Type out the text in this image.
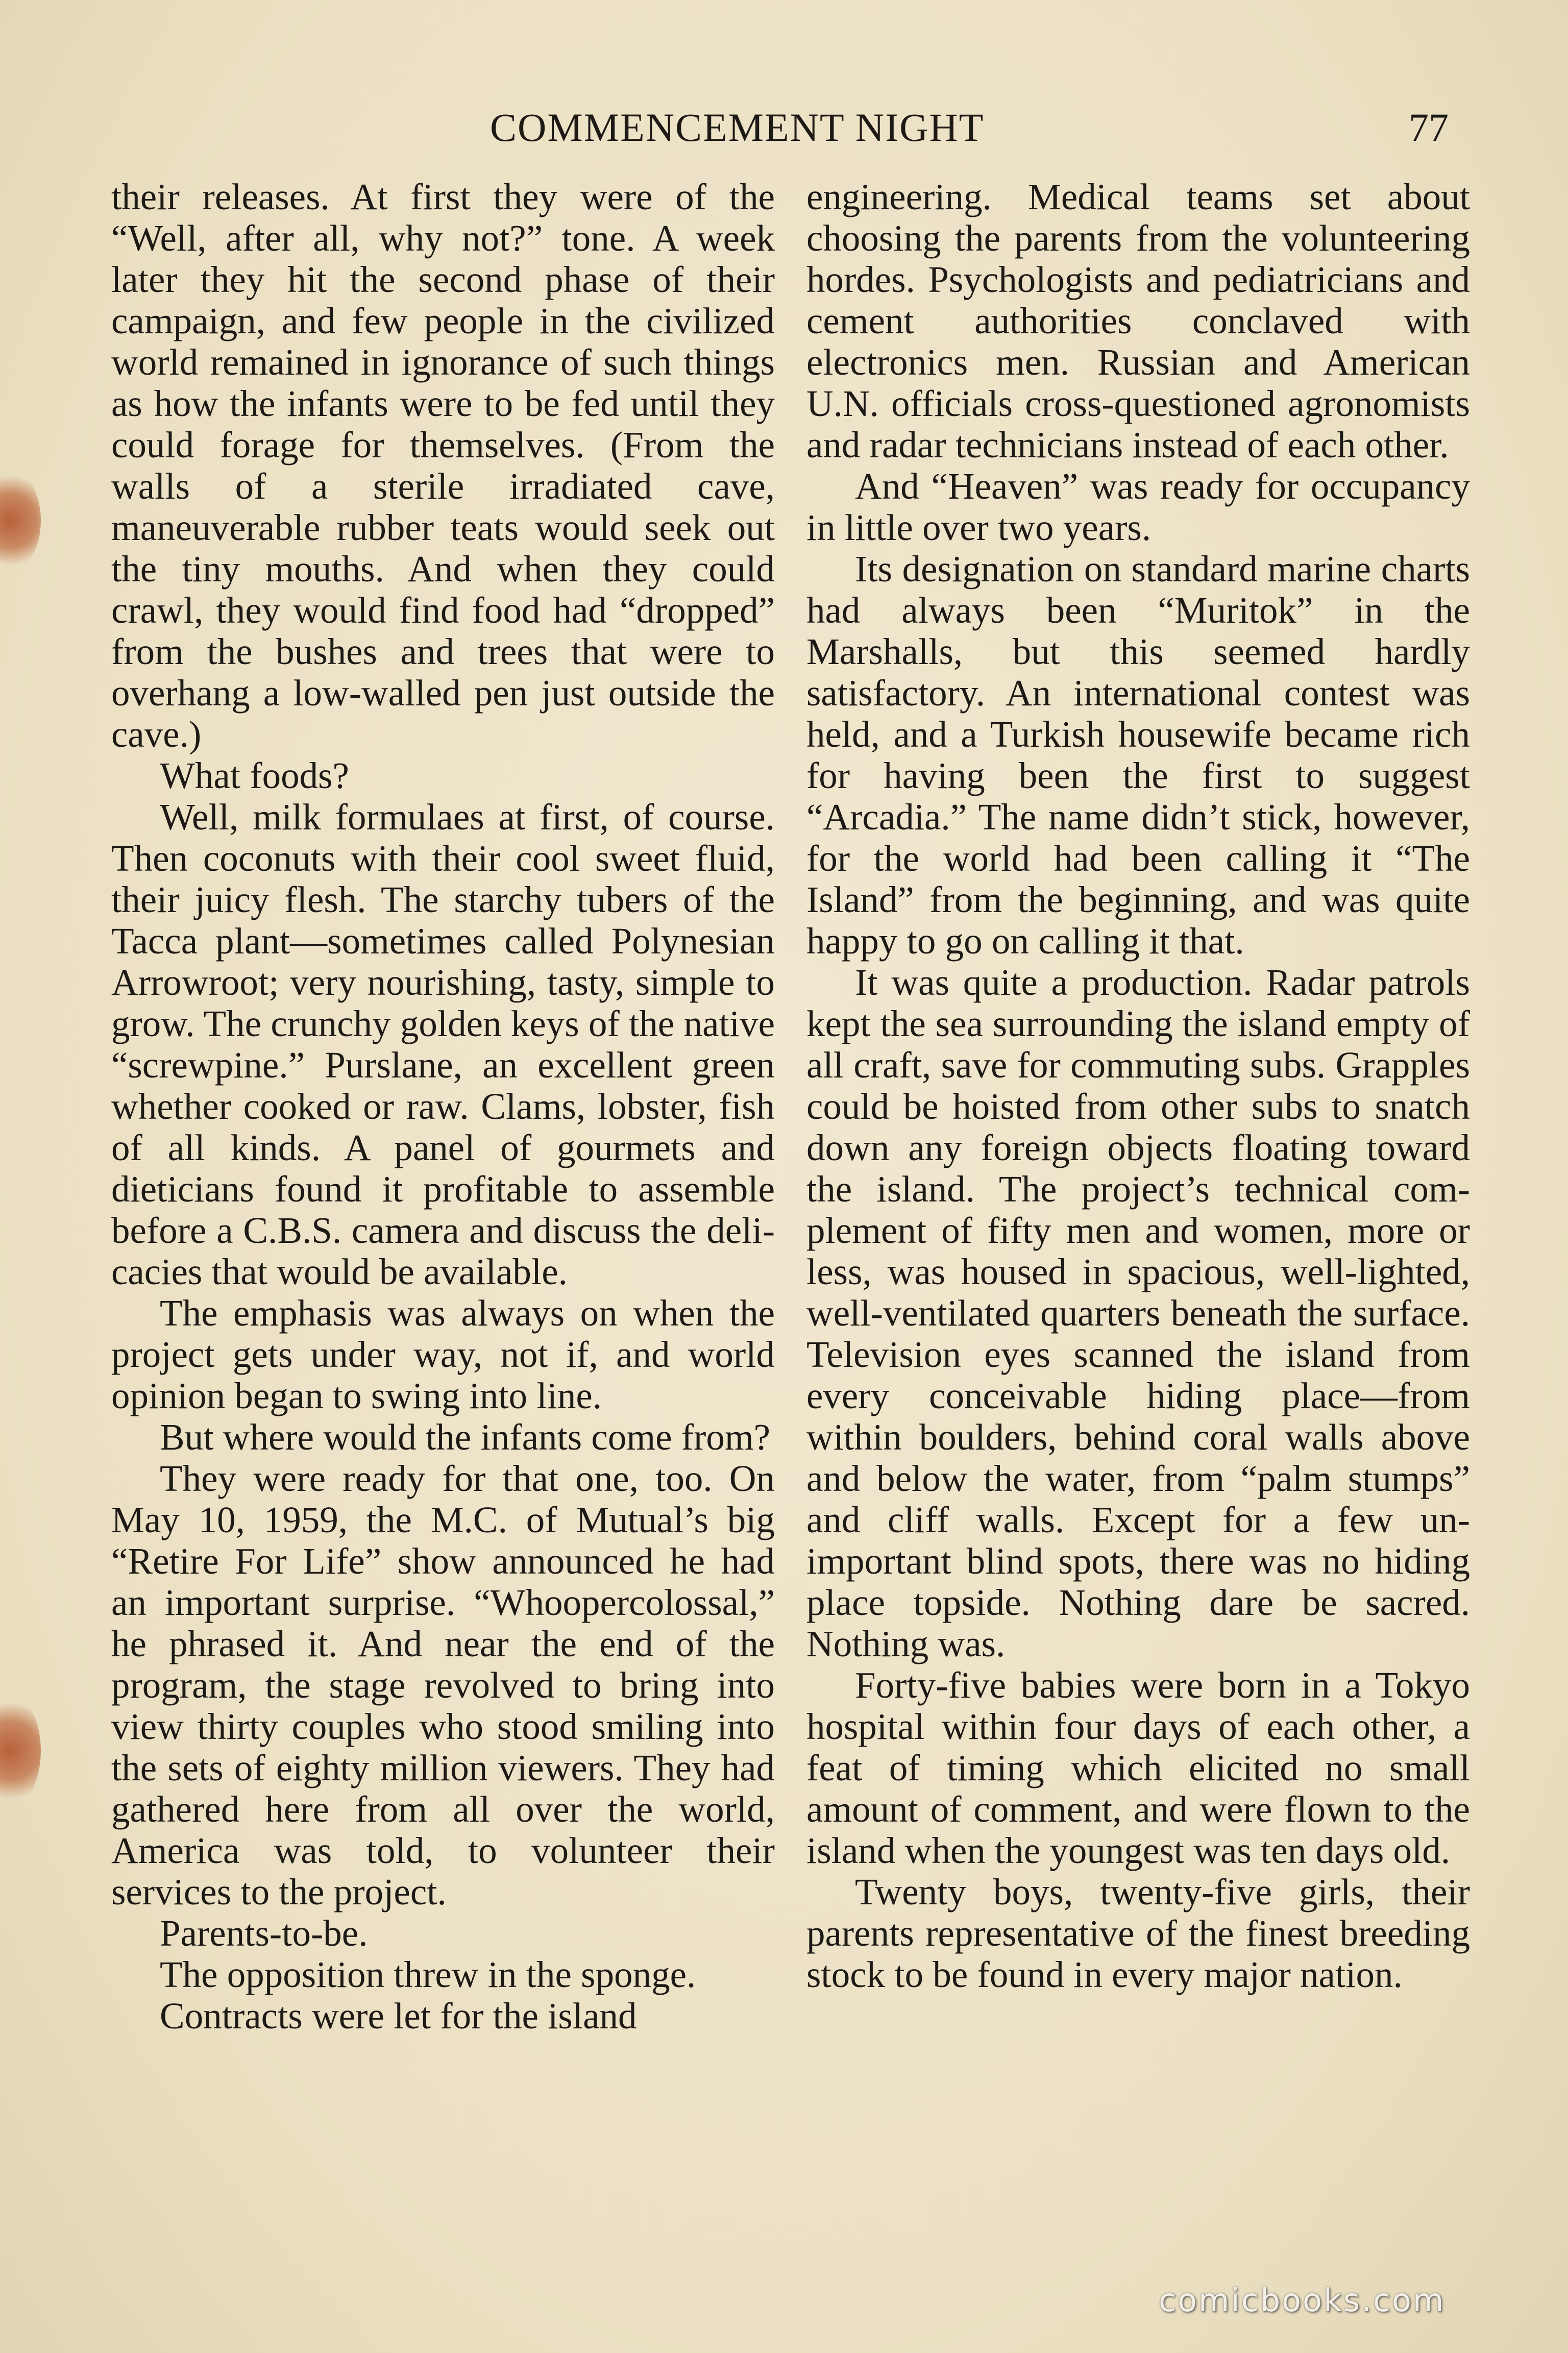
COMMENCEMENT NIGHT	77

their releases. At first they were of the “Well, after all, why not?” tone. A week later they hit the second phase of their campaign, and few people in the civilized world remained in ignorance of such things as how the infants were to be fed until they could forage for themselves. (From the walls of a sterile irradiated cave, maneuverable rubber teats would seek out the tiny mouths. And when they could crawl, they would find food had “dropped” from the bushes and trees that were to overhang a low-walled pen just outside the cave.)

What foods?

Well, milk formulaes at first, of course. Then coconuts with their cool sweet fluid, their juicy flesh. The starchy tubers of the Tacca plant—sometimes called Polynesian Arrowroot; very nourishing, tasty, simple to grow. The crunchy golden keys of the native “screwpine.” Purslane, an excellent green whether cooked or raw. Clams, lobster, fish of all kinds. A panel of gourmets and dieticians found it profitable to assemble before a C.B.S. camera and discuss the delicacies that would be available.

The emphasis was always on when the project gets under way, not if, and world opinion began to swing into line.

But where would the infants come from?

They were ready for that one, too. On May 10, 1959, the M.C. of Mutual’s big “Retire For Life” show announced he had an important surprise. “Whoopercolossal,” he phrased it. And near the end of the program, the stage revolved to bring into view thirty couples who stood smiling into the sets of eighty million viewers. They had gathered here from all over the world, America was told, to volunteer their services to the project.

Parents-to-be.

The opposition threw in the sponge.

Contracts were let for the island

engineering. Medical teams set about choosing the parents from the volunteering hordes. Psychologists and pediatricians and cement authorities conclaved with electronics men. Russian and American U.N. officials cross-questioned agronomists and radar technicians instead of each other.

And “Heaven” was ready for occupancy in little over two years.

Its designation on standard marine charts had always been “Muritok” in the Marshalls, but this seemed hardly satisfactory. An international contest was held, and a Turkish housewife became rich for having been the first to suggest “Arcadia.” The name didn’t stick, however, for the world had been calling it “The Island” from the beginning, and was quite happy to go on calling it that.

It was quite a production. Radar patrols kept the sea surrounding the island empty of all craft, save for commuting subs. Grapples could be hoisted from other subs to snatch down any foreign objects floating toward the island. The project’s technical complement of fifty men and women, more or less, was housed in spacious, well-lighted, well-ventilated quarters beneath the surface. Television eyes scanned the island from every conceivable hiding place—from within boulders, behind coral walls above and below the water, from “palm stumps” and cliff walls. Except for a few unimportant blind spots, there was no hiding place topside. Nothing dare be sacred. Nothing was.

Forty-five babies were born in a Tokyo hospital within four days of each other, a feat of timing which elicited no small amount of comment, and were flown to the island when the youngest was ten days old.

Twenty boys, twenty-five girls, their parents representative of the finest breeding stock to be found in every major nation.

comicbooks.com
